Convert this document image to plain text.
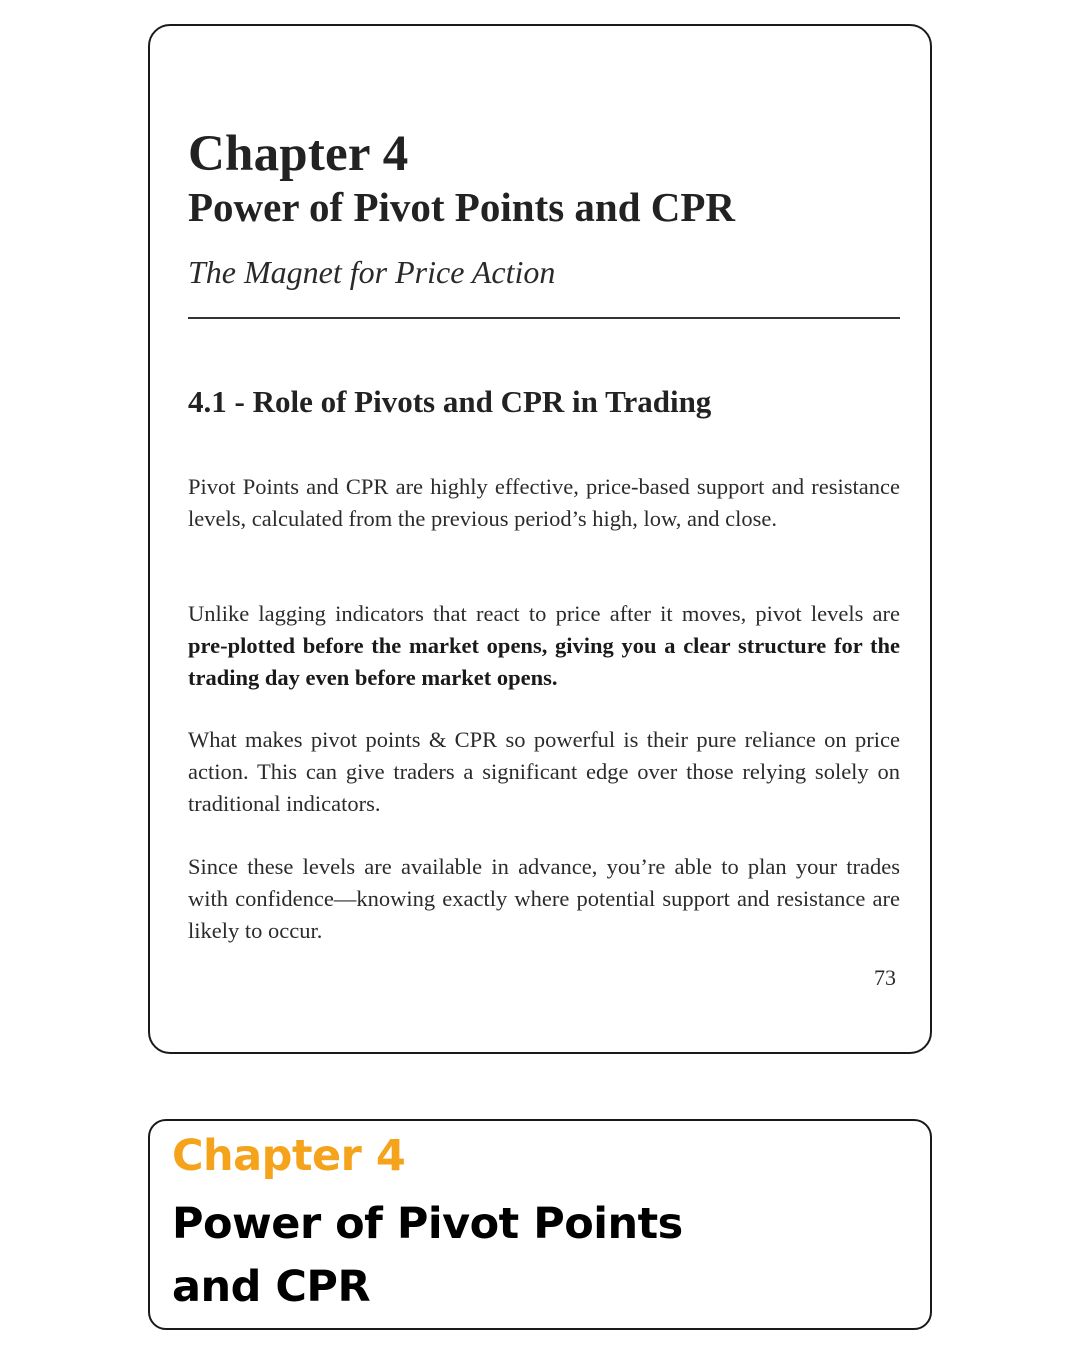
Chapter 4
Power of Pivot Points and CPR
The Magnet for Price Action
4.1 - Role of Pivots and CPR in Trading

Pivot Points and CPR are highly effective, price-based support and resistance levels, calculated from the previous period’s high, low, and close.

Unlike lagging indicators that react to price after it moves, pivot levels are pre-plotted before the market opens, giving you a clear structure for the trading day even before market opens.

What makes pivot points & CPR so powerful is their pure reliance on price action. This can give traders a significant edge over those relying solely on traditional indicators.

Since these levels are available in advance, you’re able to plan your trades with confidence—knowing exactly where potential support and resistance are likely to occur.

73
Chapter 4
Power of Pivot Points and CPR
